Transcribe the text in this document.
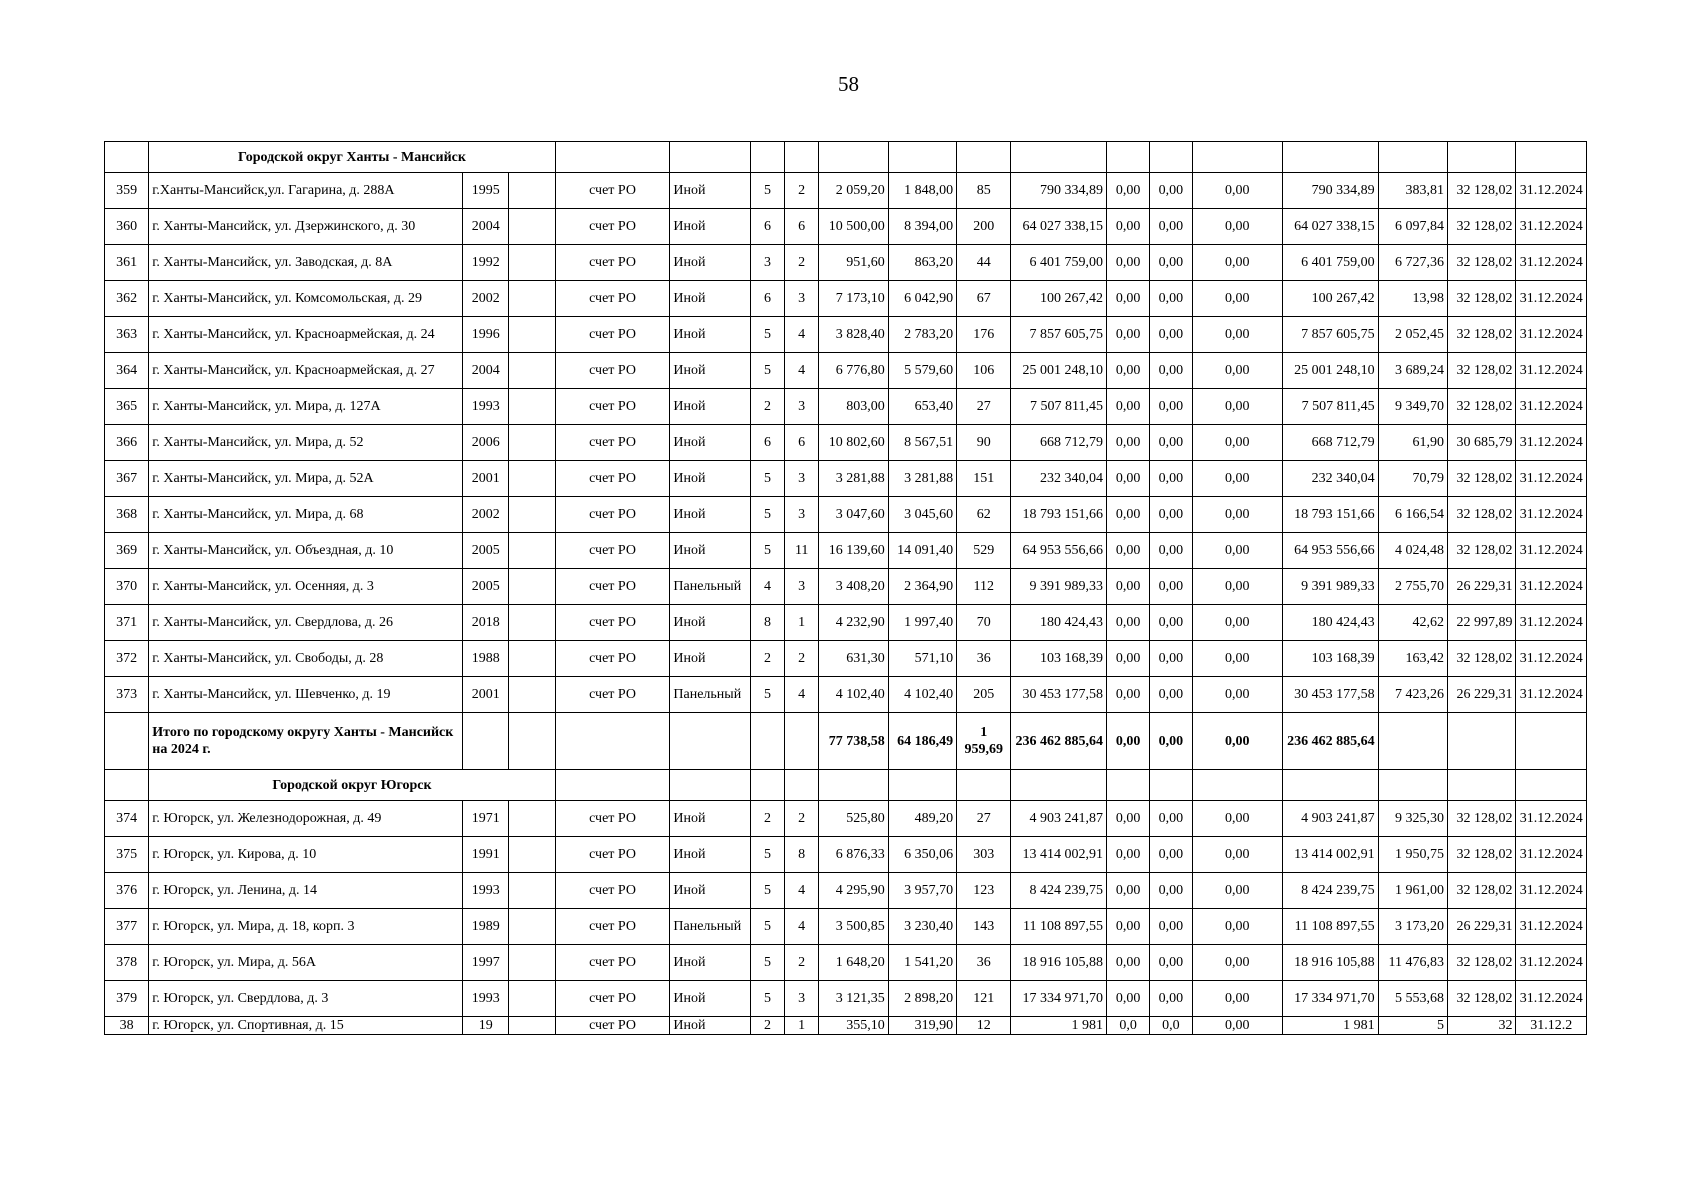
58
	Городской округ Ханты - Мансийск																	
359	г.Ханты-Мансийск,ул. Гагарина, д. 288А	1995		счет РО	Иной	5	2	2 059,20	1 848,00	85	790 334,89	0,00	0,00	0,00	790 334,89	383,81	32 128,02	31.12.2024
360	г. Ханты-Мансийск, ул. Дзержинского, д. 30	2004		счет РО	Иной	6	6	10 500,00	8 394,00	200	64 027 338,15	0,00	0,00	0,00	64 027 338,15	6 097,84	32 128,02	31.12.2024
361	г. Ханты-Мансийск, ул. Заводская, д. 8А	1992		счет РО	Иной	3	2	951,60	863,20	44	6 401 759,00	0,00	0,00	0,00	6 401 759,00	6 727,36	32 128,02	31.12.2024
362	г. Ханты-Мансийск, ул. Комсомольская, д. 29	2002		счет РО	Иной	6	3	7 173,10	6 042,90	67	100 267,42	0,00	0,00	0,00	100 267,42	13,98	32 128,02	31.12.2024
363	г. Ханты-Мансийск, ул. Красноармейская, д. 24	1996		счет РО	Иной	5	4	3 828,40	2 783,20	176	7 857 605,75	0,00	0,00	0,00	7 857 605,75	2 052,45	32 128,02	31.12.2024
364	г. Ханты-Мансийск, ул. Красноармейская, д. 27	2004		счет РО	Иной	5	4	6 776,80	5 579,60	106	25 001 248,10	0,00	0,00	0,00	25 001 248,10	3 689,24	32 128,02	31.12.2024
365	г. Ханты-Мансийск, ул. Мира, д. 127А	1993		счет РО	Иной	2	3	803,00	653,40	27	7 507 811,45	0,00	0,00	0,00	7 507 811,45	9 349,70	32 128,02	31.12.2024
366	г. Ханты-Мансийск, ул. Мира, д. 52	2006		счет РО	Иной	6	6	10 802,60	8 567,51	90	668 712,79	0,00	0,00	0,00	668 712,79	61,90	30 685,79	31.12.2024
367	г. Ханты-Мансийск, ул. Мира, д. 52А	2001		счет РО	Иной	5	3	3 281,88	3 281,88	151	232 340,04	0,00	0,00	0,00	232 340,04	70,79	32 128,02	31.12.2024
368	г. Ханты-Мансийск, ул. Мира, д. 68	2002		счет РО	Иной	5	3	3 047,60	3 045,60	62	18 793 151,66	0,00	0,00	0,00	18 793 151,66	6 166,54	32 128,02	31.12.2024
369	г. Ханты-Мансийск, ул. Объездная, д. 10	2005		счет РО	Иной	5	11	16 139,60	14 091,40	529	64 953 556,66	0,00	0,00	0,00	64 953 556,66	4 024,48	32 128,02	31.12.2024
370	г. Ханты-Мансийск, ул. Осенняя, д. 3	2005		счет РО	Панельный	4	3	3 408,20	2 364,90	112	9 391 989,33	0,00	0,00	0,00	9 391 989,33	2 755,70	26 229,31	31.12.2024
371	г. Ханты-Мансийск, ул. Свердлова, д. 26	2018		счет РО	Иной	8	1	4 232,90	1 997,40	70	180 424,43	0,00	0,00	0,00	180 424,43	42,62	22 997,89	31.12.2024
372	г. Ханты-Мансийск, ул. Свободы, д. 28	1988		счет РО	Иной	2	2	631,30	571,10	36	103 168,39	0,00	0,00	0,00	103 168,39	163,42	32 128,02	31.12.2024
373	г. Ханты-Мансийск, ул. Шевченко, д. 19	2001		счет РО	Панельный	5	4	4 102,40	4 102,40	205	30 453 177,58	0,00	0,00	0,00	30 453 177,58	7 423,26	26 229,31	31.12.2024
	Итого по городскому округу Ханты - Мансийск на 2024 г.							77 738,58	64 186,49	1 959,69	236 462 885,64	0,00	0,00	0,00	236 462 885,64			
	Городской округ Югорск																	
374	г. Югорск, ул. Железнодорожная, д. 49	1971		счет РО	Иной	2	2	525,80	489,20	27	4 903 241,87	0,00	0,00	0,00	4 903 241,87	9 325,30	32 128,02	31.12.2024
375	г. Югорск, ул. Кирова, д. 10	1991		счет РО	Иной	5	8	6 876,33	6 350,06	303	13 414 002,91	0,00	0,00	0,00	13 414 002,91	1 950,75	32 128,02	31.12.2024
376	г. Югорск, ул. Ленина, д. 14	1993		счет РО	Иной	5	4	4 295,90	3 957,70	123	8 424 239,75	0,00	0,00	0,00	8 424 239,75	1 961,00	32 128,02	31.12.2024
377	г. Югорск, ул. Мира, д. 18, корп. 3	1989		счет РО	Панельный	5	4	3 500,85	3 230,40	143	11 108 897,55	0,00	0,00	0,00	11 108 897,55	3 173,20	26 229,31	31.12.2024
378	г. Югорск, ул. Мира, д. 56А	1997		счет РО	Иной	5	2	1 648,20	1 541,20	36	18 916 105,88	0,00	0,00	0,00	18 916 105,88	11 476,83	32 128,02	31.12.2024
379	г. Югорск, ул. Свердлова, д. 3	1993		счет РО	Иной	5	3	3 121,35	2 898,20	121	17 334 971,70	0,00	0,00	0,00	17 334 971,70	5 553,68	32 128,02	31.12.2024
38	г. Югорск, ул. Спортивная, д. 15	19		счет РО	Иной	2	1	355,10	319,90	12	1 981	0,0	0,0	0,00	1 981	5	32	31.12.2
